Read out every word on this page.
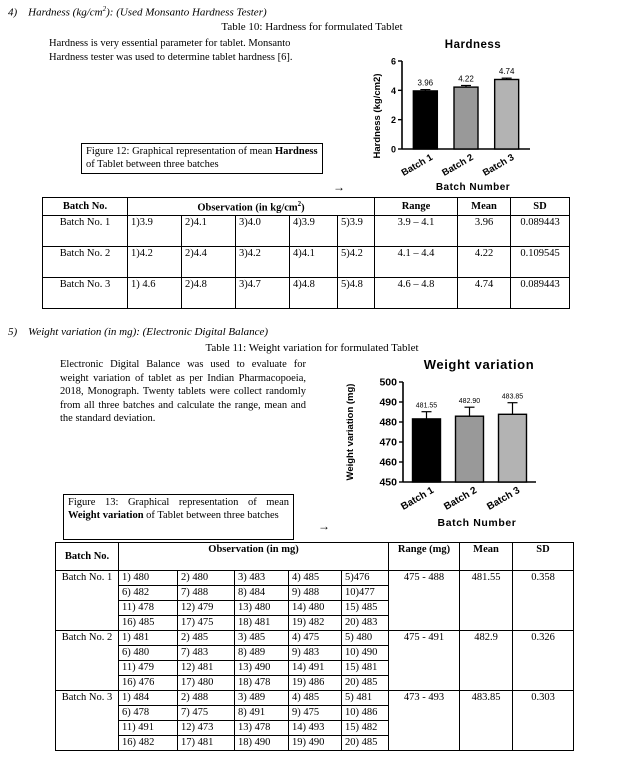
4) Hardness $(kg/cm^2)$: (Used Monsanto Hardness Tester)
Table 10: Hardness for formulated Tablet
Hardness is very essential parameter for tablet. Monsanto Hardness tester was used to determine tablet hardness [6].
Hardness
Hardness (kg/cm2) 0
2
4
6
3.96
Batch 1
4.22
Batch 2
4.74
Batch 3
Batch Number
Figure 12: Graphical representation of mean Hardness of Tablet between three batches
→
Batch No.	Observation (in $kg/cm^2$)					Range	Mean	SD
Batch No. 1	1)3.9	2)4.1	3)4.0	4)3.9	5)3.9	3.9 – 4.1	3.96	0.089443
Batch No. 2	1)4.2	2)4.4	3)4.2	4)4.1	5)4.2	4.1 – 4.4	4.22	0.109545
Batch No. 3	1) 4.6	2)4.8	3)4.7	4)4.8	5)4.8	4.6 – 4.8	4.74	0.089443
5) Weight variation (in mg): (Electronic Digital Balance)
Table 11: Weight variation for formulated Tablet
Electronic Digital Balance was used to evaluate for weight variation of tablet as per Indian Pharmacopoeia, 2018, Monograph. Twenty tablets were collect randomly from all three batches and calculate the range, mean and the standard deviation.
Weight variation
Weight variation (mg)
450
460
470
480
490
500
481.55
Batch 1
482.90
Batch 2
483.85
Batch 3
Batch Number
Figure 13: Graphical representation of mean Weight variation of Tablet between three batches
→
Batch No.	Observation (in mg)					Range (mg)	Mean	SD
Batch No. 1	1) 480	2) 480	3) 483	4) 485	5)476	475 - 488	481.55	0.358
	6) 482	7) 488	8) 484	9) 488	10)477			
	11) 478	12) 479	13) 480	14) 480	15) 485			
	16) 485	17) 475	18) 481	19) 482	20) 483			
Batch No. 2	1) 481	2) 485	3) 485	4) 475	5) 480	475 - 491	482.9	0.326
	6) 480	7) 483	8) 489	9) 483	10) 490			
	11) 479	12) 481	13) 490	14) 491	15) 481			
	16) 476	17) 480	18) 478	19) 486	20) 485			
Batch No. 3	1) 484	2) 488	3) 489	4) 485	5) 481	473 - 493	483.85	0.303
	6) 478	7) 475	8) 491	9) 475	10) 486			
	11) 491	12) 473	13) 478	14) 493	15) 482			
	16) 482	17) 481	18) 490	19) 490	20) 485			
